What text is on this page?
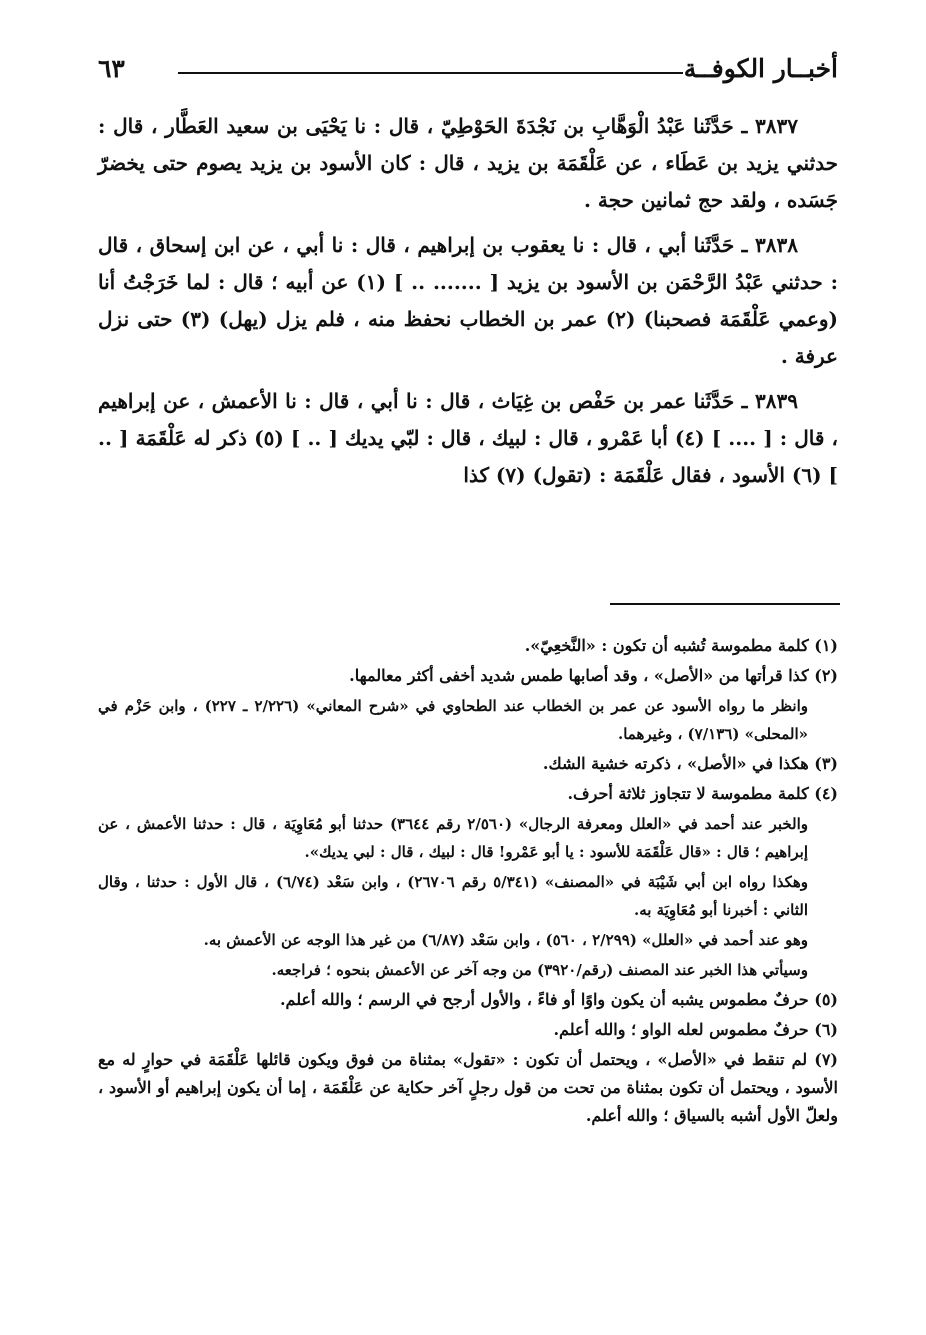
أخبــار الكوفــة
٦٣

٣٨٣٧ ـ حَدَّثَنا عَبْدُ الْوَهَّابِ بن نَجْدَةَ الحَوْطِيّ ، قال : نا يَحْيَى بن سعيد العَطَّار ، قال : حدثني يزيد بن عَطَاء ، عن عَلْقَمَة بن يزيد ، قال : كان الأسود بن يزيد يصوم حتى يخضرّ جَسَده ، ولقد حج ثمانين حجة .

٣٨٣٨ ـ حَدَّثَنا أبي ، قال : نا يعقوب بن إبراهيم ، قال : نا أبي ، عن ابن إسحاق ، قال : حدثني عَبْدُ الرَّحْمَن بن الأسود بن يزيد [ ....... .. ] (١) عن أبيه ؛ قال : لما خَرَجْتُ أنا (وعمي عَلْقَمَة فصحبنا) (٢) عمر بن الخطاب نحفظ منه ، فلم يزل (يهل) (٣) حتى نزل عرفة .

٣٨٣٩ ـ حَدَّثَنا عمر بن حَفْص بن غِيَاث ، قال : نا أبي ، قال : نا الأعمش ، عن إبراهيم ، قال : [ .... ] (٤) أبا عَمْرو ، قال : لبيك ، قال : لبّي يديك [ .. ] (٥) ذكر له عَلْقَمَة [ .. ] (٦) الأسود ، فقال عَلْقَمَة : (تقول) (٧) كذا

(١) كلمة مطموسة تُشبه أن تكون : «النَّخعِيّ».

(٢) كذا قرأتها من «الأصل» ، وقد أصابها طمس شديد أخفى أكثر معالمها.

وانظر ما رواه الأسود عن عمر بن الخطاب عند الطحاوي في «شرح المعاني» (٢/٢٢٦ ـ ٢٢٧) ، وابن حَزْم في «المحلى» (٧/١٣٦) ، وغيرهما.

(٣) هكذا في «الأصل» ، ذكرته خشية الشك.

(٤) كلمة مطموسة لا تتجاوز ثلاثة أحرف.

والخبر عند أحمد في «العلل ومعرفة الرجال» (٢/٥٦٠ رقم ٣٦٤٤) حدثنا أبو مُعَاوِيَة ، قال : حدثنا الأعمش ، عن إبراهيم ؛ قال : «قال عَلْقَمَة للأسود : يا أبو عَمْرو! قال : لبيك ، قال : لبي يديك».

وهكذا رواه ابن أبي شَيْبَة في «المصنف» (٥/٣٤١ رقم ٢٦٧٠٦) ، وابن سَعْد (٦/٧٤) ، قال الأول : حدثنا ، وقال الثاني : أخبرنا أبو مُعَاوِيَة به.

وهو عند أحمد في «العلل» (٢/٢٩٩ ، ٥٦٠) ، وابن سَعْد (٦/٨٧) من غير هذا الوجه عن الأعمش به.

وسيأتي هذا الخبر عند المصنف (رقم/٣٩٢٠) من وجه آخر عن الأعمش بنحوه ؛ فراجعه.

(٥) حرفٌ مطموس يشبه أن يكون واوًا أو فاءً ، والأول أرجح في الرسم ؛ والله أعلم.

(٦) حرفٌ مطموس لعله الواو ؛ والله أعلم.

(٧) لم تنقط في «الأصل» ، ويحتمل أن تكون : «تقول» بمثناة من فوق ويكون قائلها عَلْقَمَة في حوارٍ له مع الأسود ، ويحتمل أن تكون بمثناة من تحت من قول رجلٍ آخر حكاية عن عَلْقَمَة ، إما أن يكون إبراهيم أو الأسود ، ولعلّ الأول أشبه بالسياق ؛ والله أعلم.
